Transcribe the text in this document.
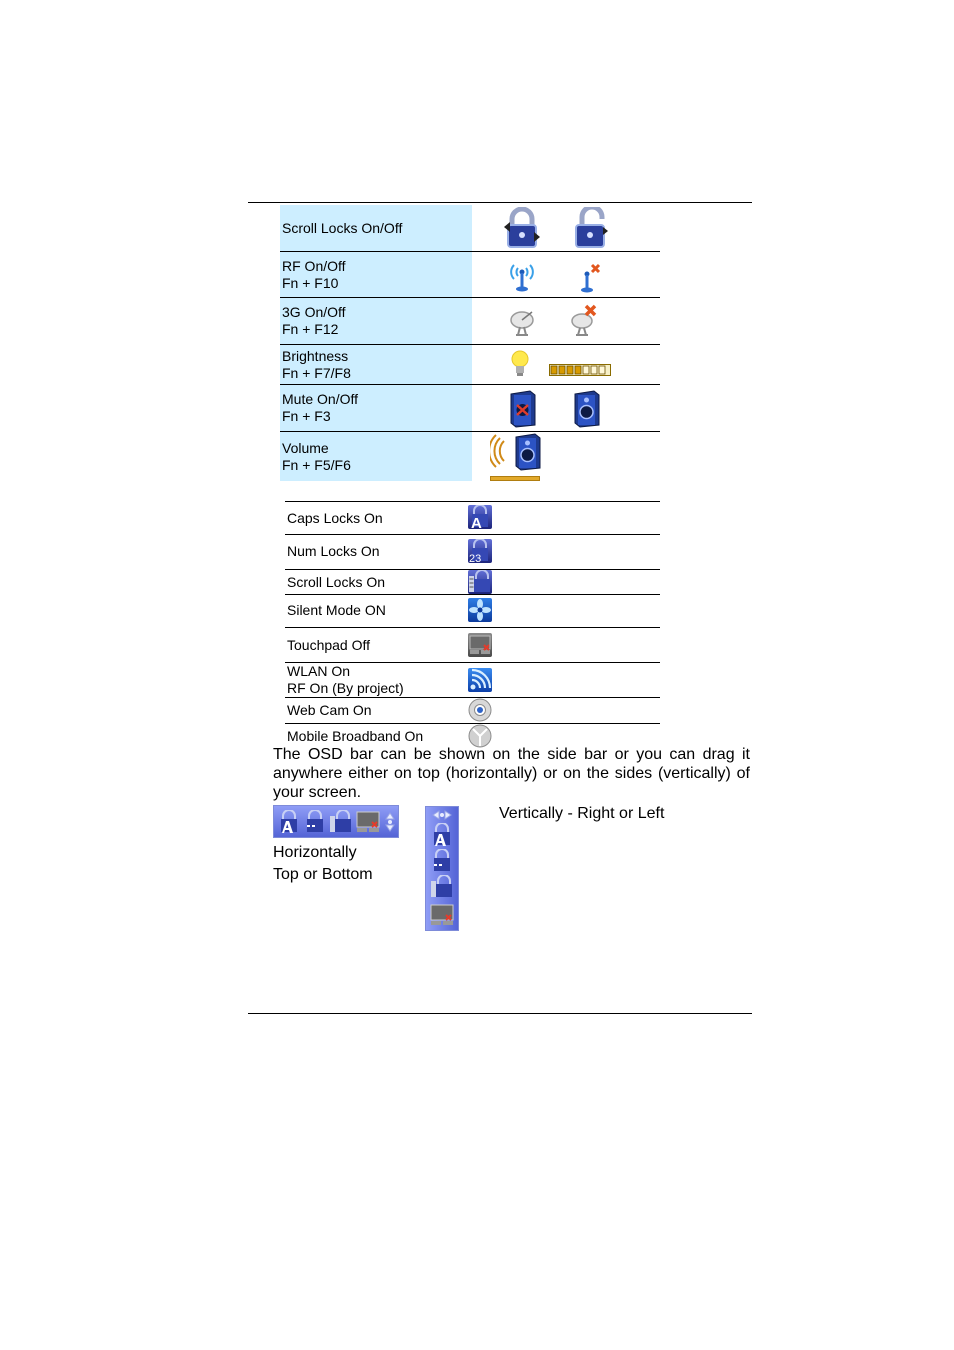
Scroll Locks On/Off
RF On/Off
Fn + F10
3G On/Off
Fn + F12
Brightness
Fn + F7/F8
Mute On/Off
Fn + F3
Volume
Fn + F5/F6
Caps Locks On	A
Num Locks On	23
Scroll Locks On
Silent Mode ON
Touchpad Off
WLAN On
RF On (By project)
Web Cam On
Mobile Broadband On

The OSD bar can be shown on the side bar or you can drag it anywhere either on top (horizontally) or on the sides (vertically) of your screen.

Horizontally
Top or Bottom
Vertically - Right or Left
